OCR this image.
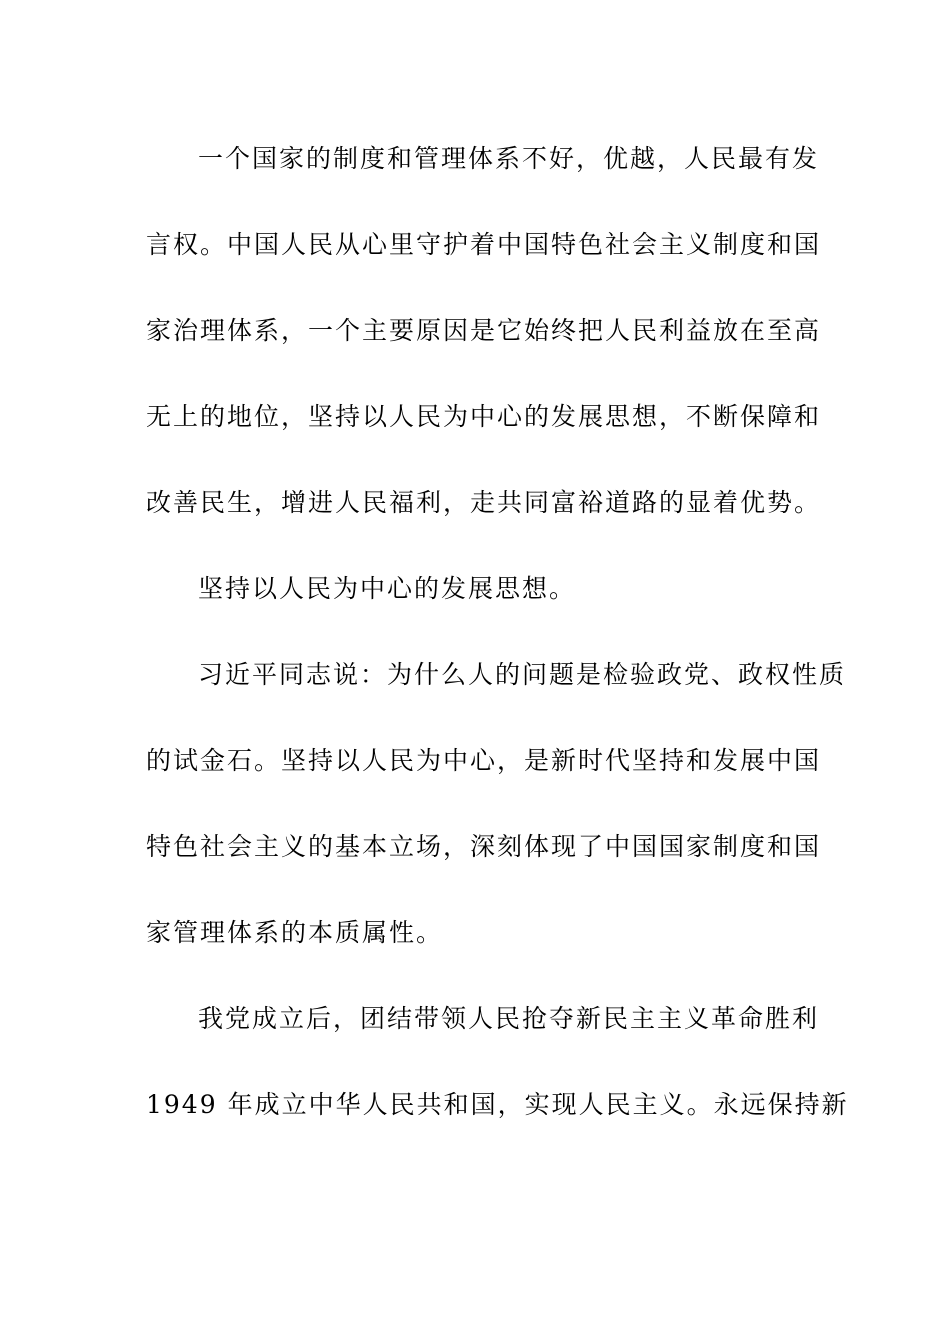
一个国家的制度和管理体系不好，优越，人民最有发
言权。中国人民从心里守护着中国特色社会主义制度和国
家治理体系，一个主要原因是它始终把人民利益放在至高
无上的地位，坚持以人民为中心的发展思想，不断保障和
改善民生，增进人民福利，走共同富裕道路的显着优势。
坚持以人民为中心的发展思想。
习近平同志说：为什么人的问题是检验政党、政权性质
的试金石。坚持以人民为中心，是新时代坚持和发展中国
特色社会主义的基本立场，深刻体现了中国国家制度和国
家管理体系的本质属性。
我党成立后，团结带领人民抢夺新民主主义革命胜利
1949 年成立中华人民共和国，实现人民主义。永远保持新
